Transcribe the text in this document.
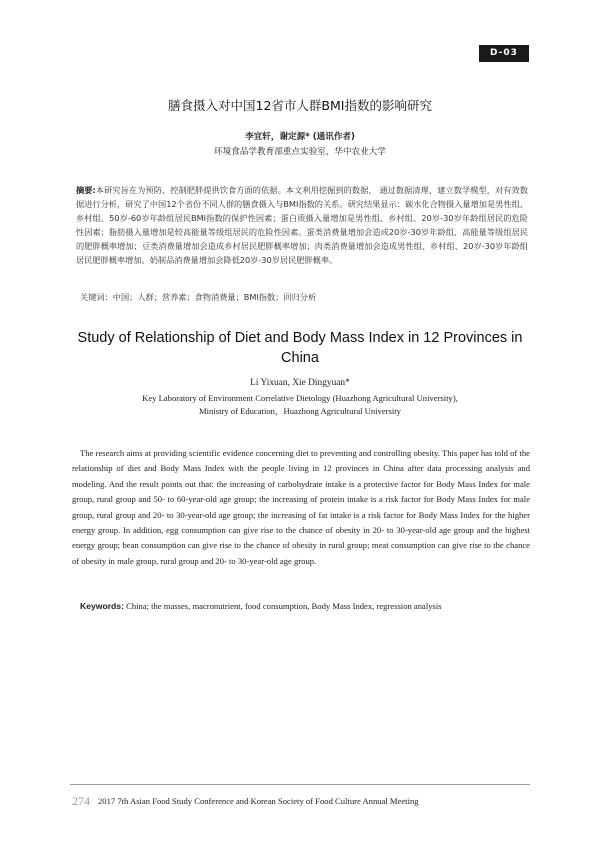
D-03
膳食摄入对中国12省市人群BMI指数的影响研究
李宜轩，谢定源* (通讯作者)
环境食品学教育部重点实验室，华中农业大学
摘要:本研究旨在为预防、控制肥胖提供饮食方面的依据。本文利用挖掘到的数据， 通过数据清理，建立数学模型，对有效数据进行分析，研究了中国12个省份不同人群的膳食摄入与BMI指数的关系。研究结果显示：碳水化合物摄入量增加是男性组、乡村组、50岁-60岁年龄组居民BMI指数的保护性因素；蛋白质摄入量增加是男性组、乡村组、20岁-30岁年龄组居民的危险性因素；脂肪摄入量增加是较高能量等级组居民的危险性因素。蛋类消费量增加会造成20岁-30岁年龄组、高能量等级组居民的肥胖概率增加；豆类消费量增加会造成乡村居民肥胖概率增加；肉类消费量增加会造成男性组、乡村组、20岁-30岁年龄组居民肥胖概率增加。奶制品消费量增加会降低20岁-30岁居民肥胖概率。
关键词：中国；人群；营养素；食物消费量；BMI指数；回归分析
Study of Relationship of Diet and Body Mass Index in 12 Provinces in China
Li Yixuan, Xie Dingyuan*
Key Laboratory of Environment Correlative Dietology (Huazhong Agricultural University),
Ministry of Education，Huazhong Agricultural University
The research aims at providing scientific evidence concerning diet to preventing and controlling obesity. This paper has told of the relationship of diet and Body Mass Index with the people living in 12 provinces in China after data processing analysis and modeling. And the result points out that: the increasing of carbohydrate intake is a protective factor for Body Mass Index for male group, rural group and 50- to 60-year-old age group; the increasing of protein intake is a risk factor for Body Mass Index for male group, rural group and 20- to 30-year-old age group; the increasing of fat intake is a risk factor for Body Mass Index for the higher energy group. In addition, egg consumption can give rise to the chance of obesity in 20- to 30-year-old age group and the highest energy group; bean consumption can give rise to the chance of obesity in rural group; meat consumption can give rise to the chance of obesity in male group, rural group and 20- to 30-year-old age group.
Keywords: China; the masses, macronutrient, food consumption, Body Mass Index, regression analysis
274 2017 7th Asian Food Study Conference and Korean Society of Food Culture Annual Meeting
